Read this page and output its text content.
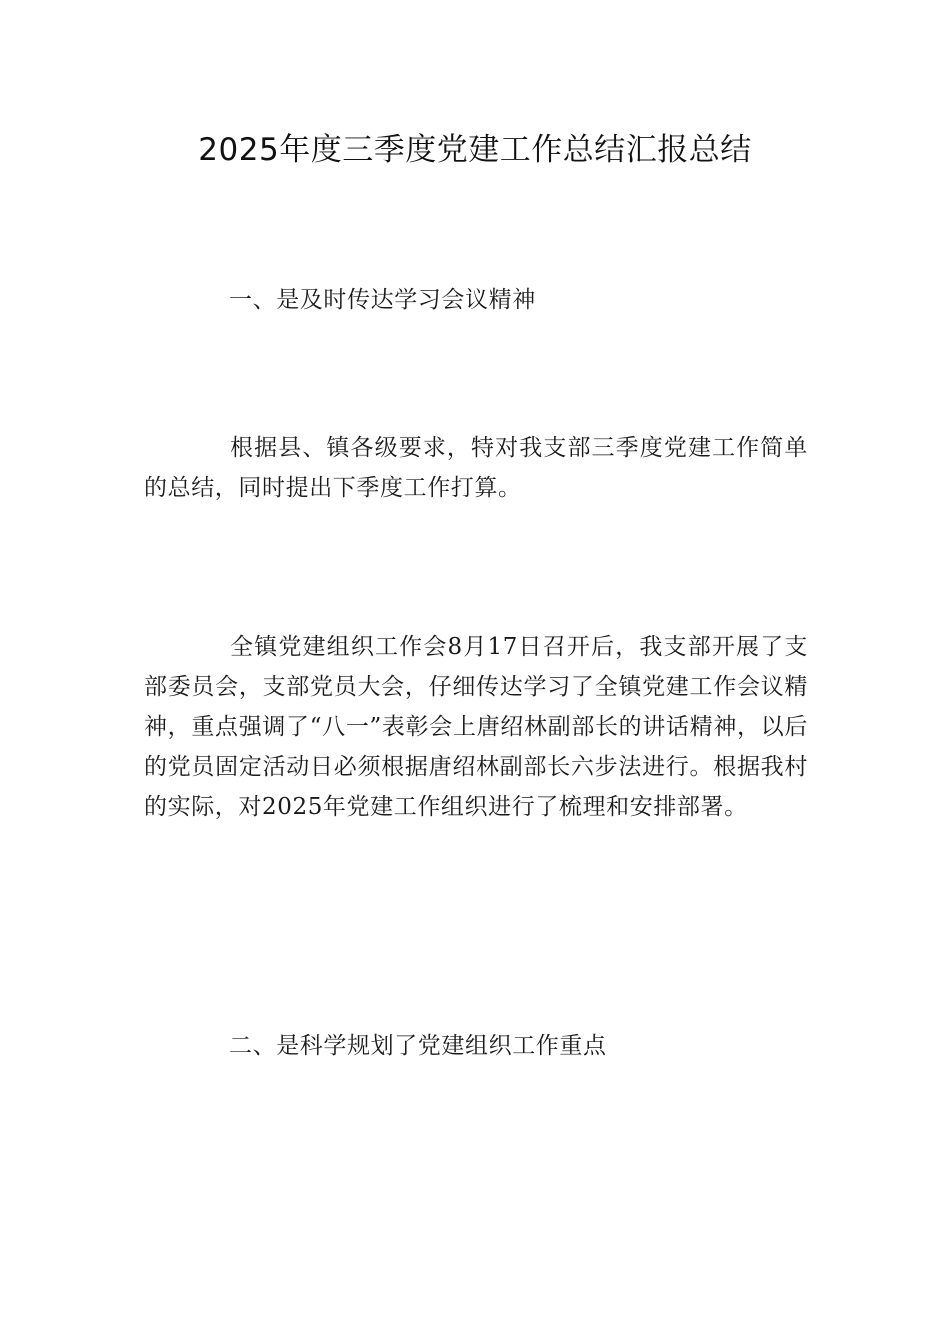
2025年度三季度党建工作总结汇报总结
一、是及时传达学习会议精神
根据县、镇各级要求，特对我支部三季度党建工作简单的总结，同时提出下季度工作打算。
全镇党建组织工作会8月17日召开后，我支部开展了支部委员会，支部党员大会，仔细传达学习了全镇党建工作会议精神，重点强调了“八一”表彰会上唐绍林副部长的讲话精神，以后的党员固定活动日必须根据唐绍林副部长六步法进行。根据我村的实际，对2025年党建工作组织进行了梳理和安排部署。
二、是科学规划了党建组织工作重点
